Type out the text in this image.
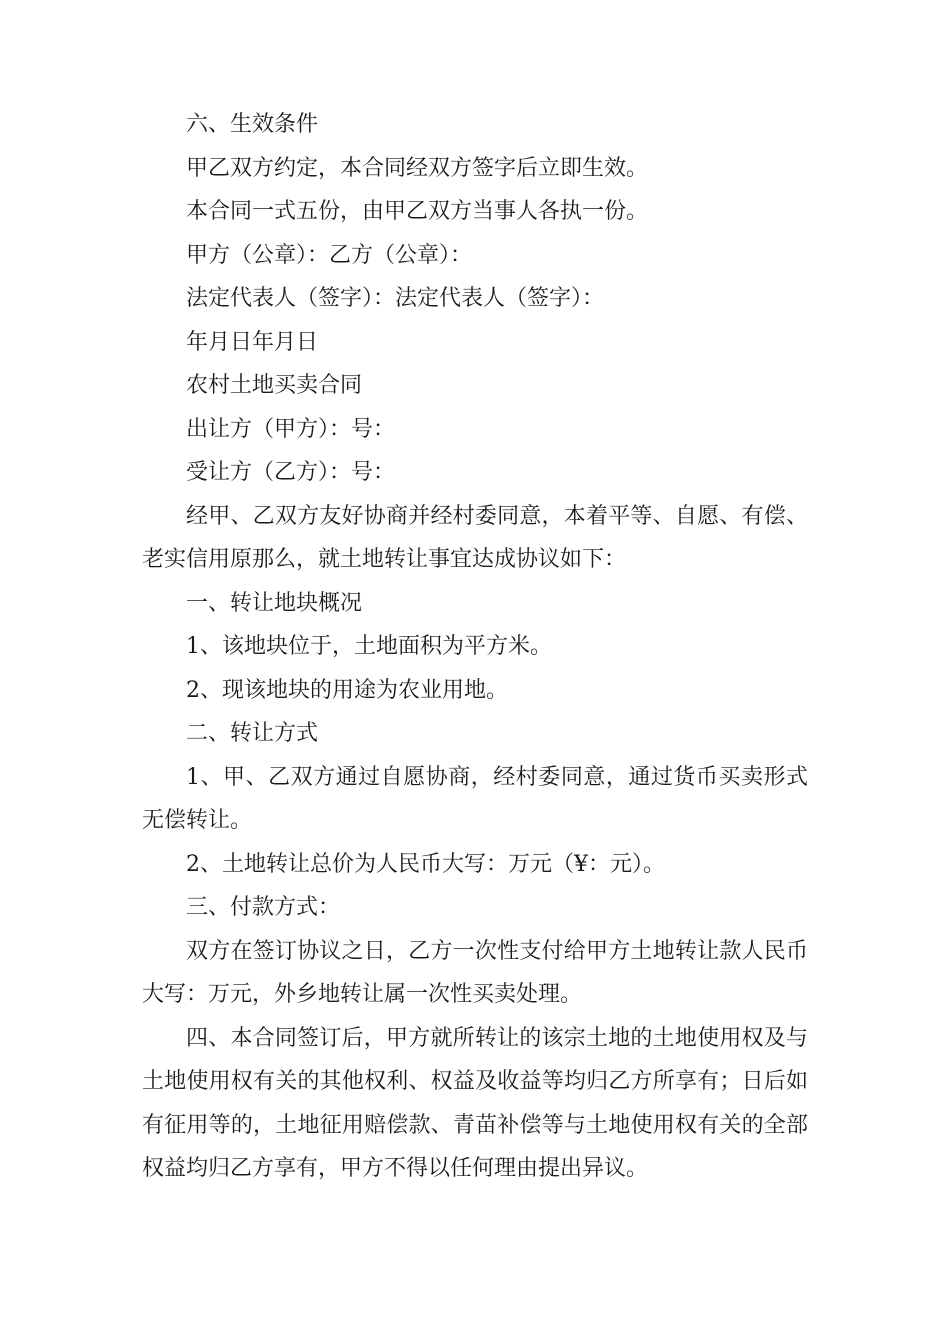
六、生效条件

甲乙双方约定，本合同经双方签字后立即生效。

本合同一式五份，由甲乙双方当事人各执一份。

甲方（公章）：乙方（公章）：

法定代表人（签字）：法定代表人（签字）：

年月日年月日

农村土地买卖合同

出让方（甲方）：号：

受让方（乙方）：号：

经甲、乙双方友好协商并经村委同意，本着平等、自愿、有偿、老实信用原那么，就土地转让事宜达成协议如下：

一、转让地块概况

1、该地块位于，土地面积为平方米。

2、现该地块的用途为农业用地。

二、转让方式

1、甲、乙双方通过自愿协商，经村委同意，通过货币买卖形式无偿转让。

2、土地转让总价为人民币大写：万元（¥：元）。

三、付款方式：

双方在签订协议之日，乙方一次性支付给甲方土地转让款人民币大写：万元，外乡地转让属一次性买卖处理。

四、本合同签订后，甲方就所转让的该宗土地的土地使用权及与土地使用权有关的其他权利、权益及收益等均归乙方所享有；日后如有征用等的，土地征用赔偿款、青苗补偿等与土地使用权有关的全部权益均归乙方享有，甲方不得以任何理由提出异议。
